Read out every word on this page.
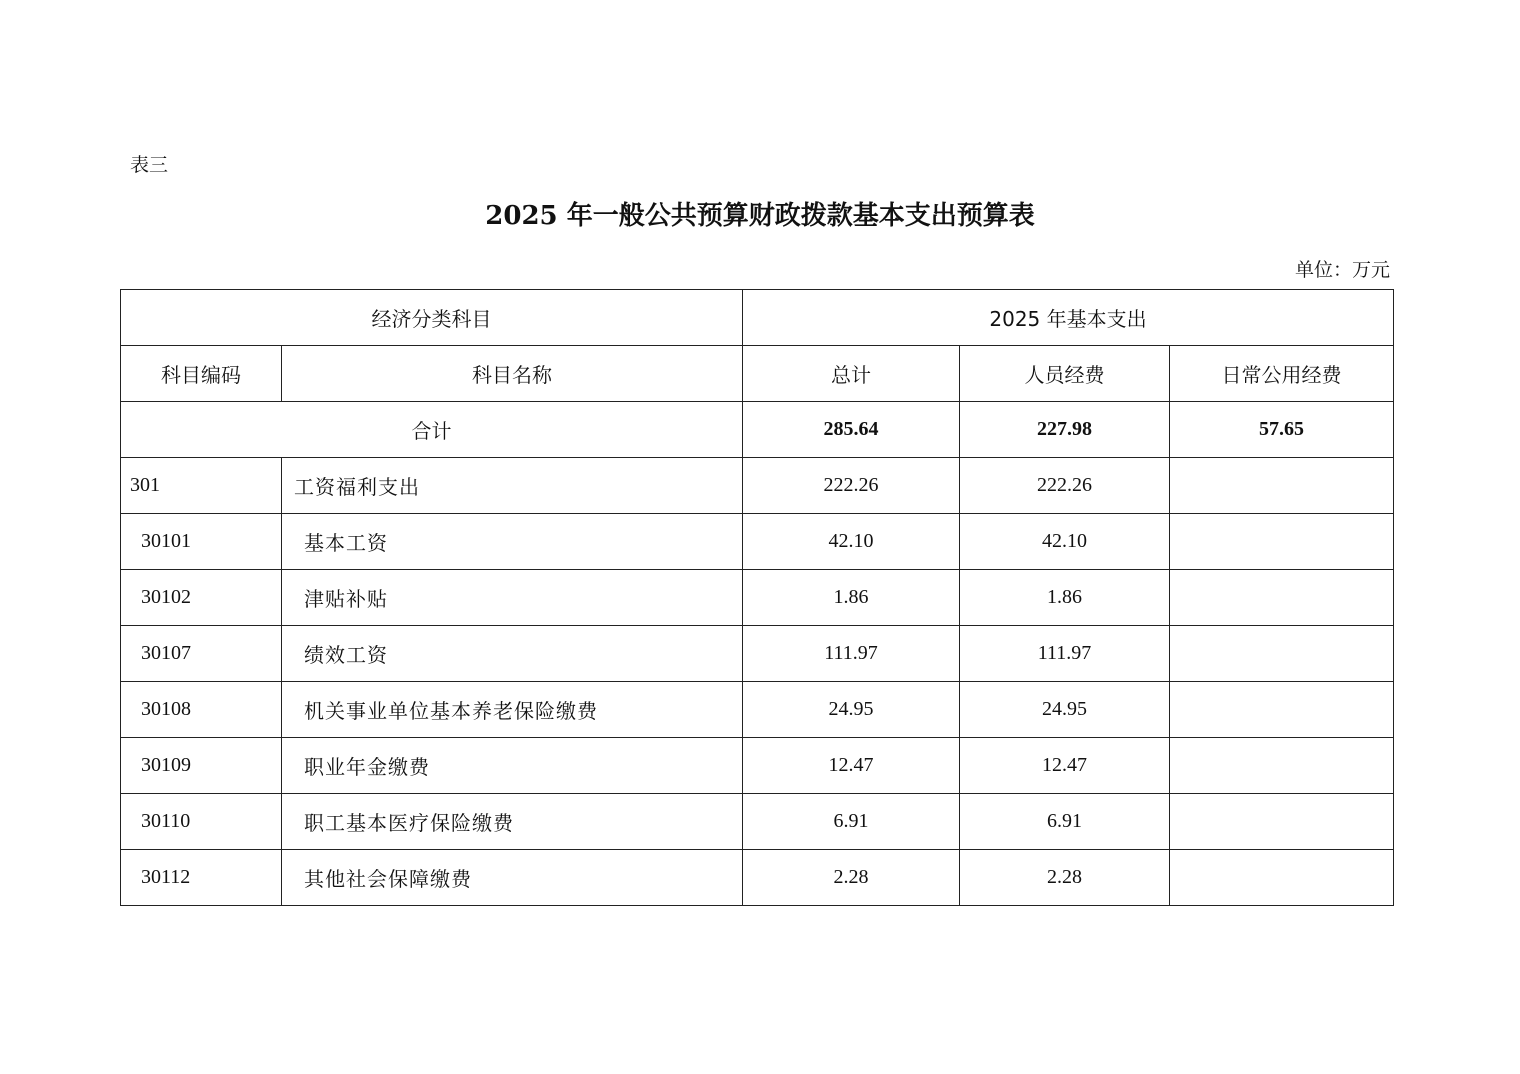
表三
2025 年一般公共预算财政拨款基本支出预算表
单位：万元
经济分类科目		2025 年基本支出		
科目编码	科目名称	总计	人员经费	日常公用经费
合计		285.64	227.98	57.65
301	工资福利支出	222.26	222.26	
30101	基本工资	42.10	42.10	
30102	津贴补贴	1.86	1.86	
30107	绩效工资	111.97	111.97	
30108	机关事业单位基本养老保险缴费	24.95	24.95	
30109	职业年金缴费	12.47	12.47	
30110	职工基本医疗保险缴费	6.91	6.91	
30112	其他社会保障缴费	2.28	2.28	
